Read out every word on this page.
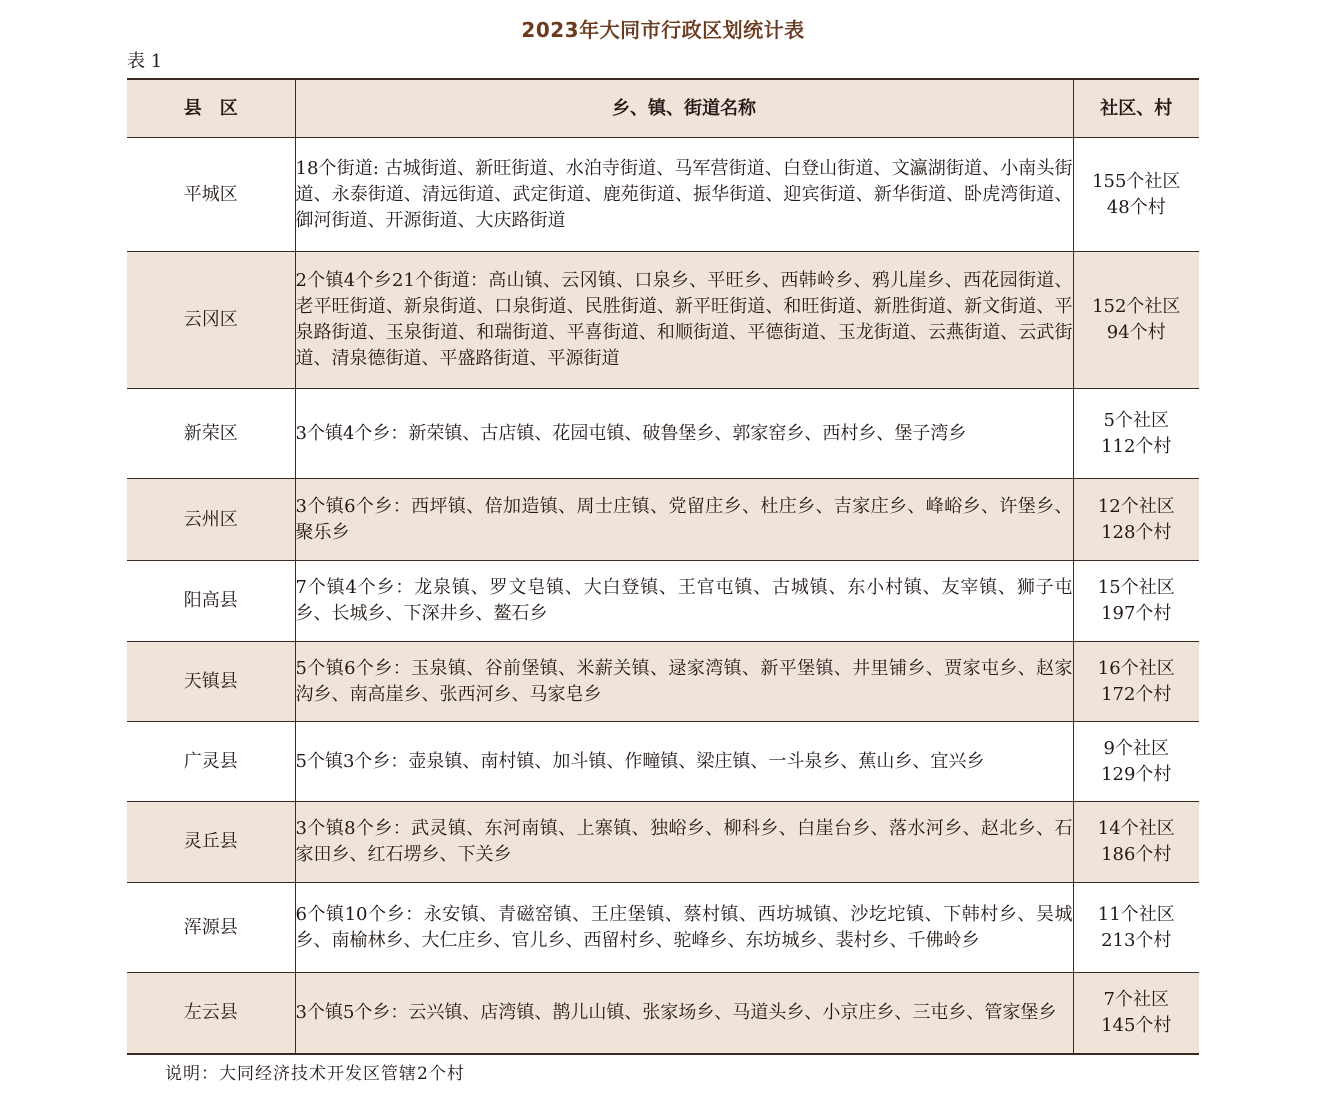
2023年大同市行政区划统计表
表 1
县　区	乡、镇、街道名称	社区、村
平城区	18个街道: 古城街道、新旺街道、水泊寺街道、马军营街道、白登山街道、文瀛湖街道、小南头街道、永泰街道、清远街道、武定街道、鹿苑街道、振华街道、迎宾街道、新华街道、卧虎湾街道、御河街道、开源街道、大庆路街道	155个社区
48个村

云冈区	2个镇4个乡21个街道：高山镇、云冈镇、口泉乡、平旺乡、西韩岭乡、鸦儿崖乡、西花园街道、老平旺街道、新泉街道、口泉街道、民胜街道、新平旺街道、和旺街道、新胜街道、新文街道、平泉路街道、玉泉街道、和瑞街道、平喜街道、和顺街道、平德街道、玉龙街道、云燕街道、云武街道、清泉德街道、平盛路街道、平源街道	152个社区
94个村

新荣区	3个镇4个乡：新荣镇、古店镇、花园屯镇、破鲁堡乡、郭家窑乡、西村乡、堡子湾乡	5个社区
112个村

云州区	3个镇6个乡：西坪镇、倍加造镇、周士庄镇、党留庄乡、杜庄乡、吉家庄乡、峰峪乡、许堡乡、聚乐乡	12个社区
128个村

阳高县	7个镇4个乡：龙泉镇、罗文皂镇、大白登镇、王官屯镇、古城镇、东小村镇、友宰镇、狮子屯乡、长城乡、下深井乡、鳌石乡	15个社区
197个村

天镇县	5个镇6个乡：玉泉镇、谷前堡镇、米薪关镇、逯家湾镇、新平堡镇、井里铺乡、贾家屯乡、赵家沟乡、南高崖乡、张西河乡、马家皂乡	16个社区
172个村

广灵县	5个镇3个乡：壶泉镇、南村镇、加斗镇、作疃镇、梁庄镇、一斗泉乡、蕉山乡、宜兴乡	9个社区
129个村

灵丘县	3个镇8个乡：武灵镇、东河南镇、上寨镇、独峪乡、柳科乡、白崖台乡、落水河乡、赵北乡、石家田乡、红石塄乡、下关乡	14个社区
186个村

浑源县	6个镇10个乡：永安镇、青磁窑镇、王庄堡镇、蔡村镇、西坊城镇、沙圪坨镇、下韩村乡、吴城乡、南榆林乡、大仁庄乡、官儿乡、西留村乡、驼峰乡、东坊城乡、裴村乡、千佛岭乡	11个社区
213个村

左云县	3个镇5个乡：云兴镇、店湾镇、鹊儿山镇、张家场乡、马道头乡、小京庄乡、三屯乡、管家堡乡	7个社区
145个村
说明：大同经济技术开发区管辖2个村
